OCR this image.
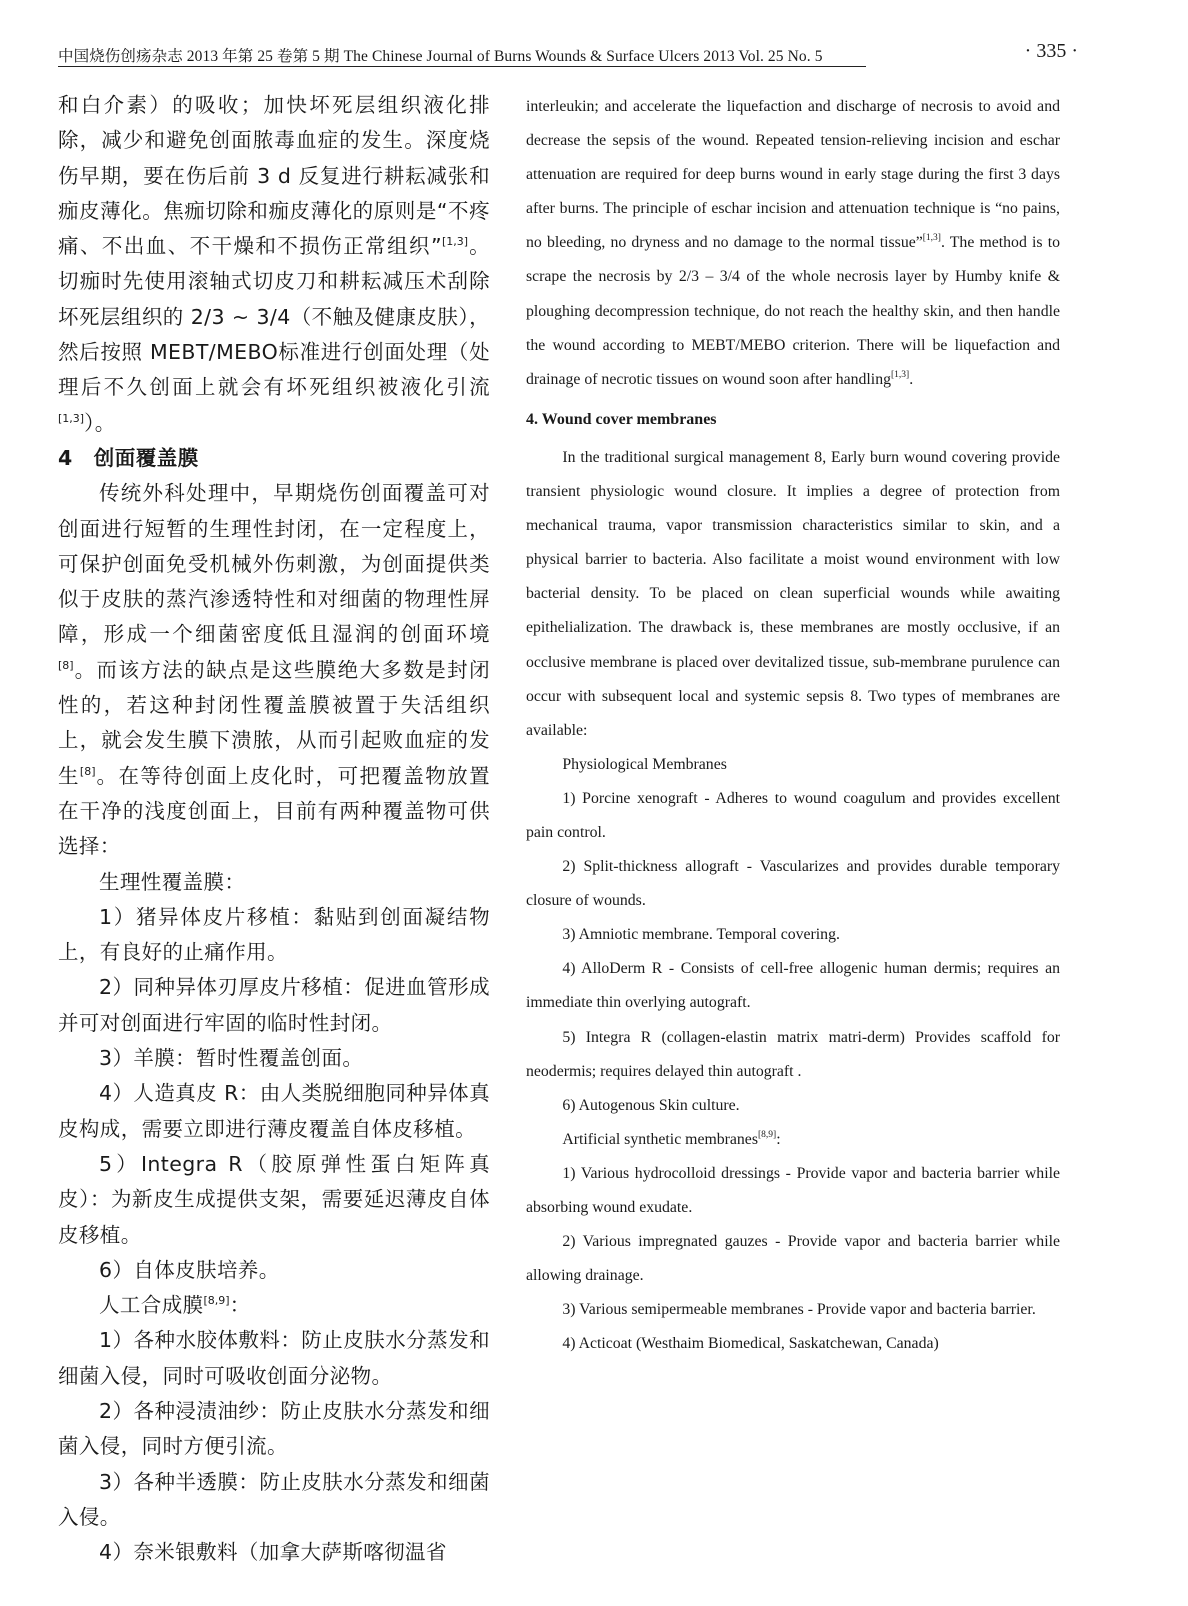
中国烧伤创疡杂志 2013 年第 25 卷第 5 期 The Chinese Journal of Burns Wounds & Surface Ulcers 2013 Vol. 25 No. 5	· 335 ·

和白介素）的吸收；加快坏死层组织液化排除，减少和避免创面脓毒血症的发生。深度烧伤早期，要在伤后前 3 d 反复进行耕耘减张和痂皮薄化。焦痂切除和痂皮薄化的原则是“不疼痛、不出血、不干燥和不损伤正常组织”[1,3]。切痂时先使用滚轴式切皮刀和耕耘减压术刮除坏死层组织的 2/3 ~ 3/4（不触及健康皮肤），然后按照 MEBT/MEBO标准进行创面处理（处理后不久创面上就会有坏死组织被液化引流[1,3]）。

4　创面覆盖膜

传统外科处理中，早期烧伤创面覆盖可对创面进行短暂的生理性封闭，在一定程度上，可保护创面免受机械外伤刺激，为创面提供类似于皮肤的蒸汽渗透特性和对细菌的物理性屏障，形成一个细菌密度低且湿润的创面环境[8]。而该方法的缺点是这些膜绝大多数是封闭性的，若这种封闭性覆盖膜被置于失活组织上，就会发生膜下溃脓，从而引起败血症的发生[8]。在等待创面上皮化时，可把覆盖物放置在干净的浅度创面上，目前有两种覆盖物可供选择：

生理性覆盖膜：

1）猪异体皮片移植：黏贴到创面凝结物上，有良好的止痛作用。

2）同种异体刃厚皮片移植：促进血管形成并可对创面进行牢固的临时性封闭。

3）羊膜：暂时性覆盖创面。

4）人造真皮 R：由人类脱细胞同种异体真皮构成，需要立即进行薄皮覆盖自体皮移植。

5）Integra R（胶原弹性蛋白矩阵真皮）：为新皮生成提供支架，需要延迟薄皮自体皮移植。

6）自体皮肤培养。

人工合成膜[8,9]：

1）各种水胶体敷料：防止皮肤水分蒸发和细菌入侵，同时可吸收创面分泌物。

2）各种浸渍油纱：防止皮肤水分蒸发和细菌入侵，同时方便引流。

3）各种半透膜：防止皮肤水分蒸发和细菌入侵。

4）奈米银敷料（加拿大萨斯喀彻温省

interleukin; and accelerate the liquefaction and discharge of necrosis to avoid and decrease the sepsis of the wound. Repeated tension-relieving incision and eschar attenuation are required for deep burns wound in early stage during the first 3 days after burns. The principle of eschar incision and attenuation technique is “no pains, no bleeding, no dryness and no damage to the normal tissue”[1,3]. The method is to scrape the necrosis by 2/3 – 3/4 of the whole necrosis layer by Humby knife & ploughing decompression technique, do not reach the healthy skin, and then handle the wound according to MEBT/MEBO criterion. There will be liquefaction and drainage of necrotic tissues on wound soon after handling[1,3].

4. Wound cover membranes

In the traditional surgical management 8, Early burn wound covering provide transient physiologic wound closure. It implies a degree of protection from mechanical trauma, vapor transmission characteristics similar to skin, and a physical barrier to bacteria. Also facilitate a moist wound environment with low bacterial density. To be placed on clean superficial wounds while awaiting epithelialization. The drawback is, these membranes are mostly occlusive, if an occlusive membrane is placed over devitalized tissue, sub-membrane purulence can occur with subsequent local and systemic sepsis 8. Two types of membranes are available:

Physiological Membranes

1) Porcine xenograft - Adheres to wound coagulum and provides excellent pain control.

2) Split-thickness allograft - Vascularizes and provides durable temporary closure of wounds.

3) Amniotic membrane. Temporal covering.

4) AlloDerm R - Consists of cell-free allogenic human dermis; requires an immediate thin overlying autograft.

5) Integra R (collagen-elastin matrix matri-derm) Provides scaffold for neodermis; requires delayed thin autograft .

6) Autogenous Skin culture.

Artificial synthetic membranes[8,9]:

1) Various hydrocolloid dressings - Provide vapor and bacteria barrier while absorbing wound exudate.

2) Various impregnated gauzes - Provide vapor and bacteria barrier while allowing drainage.

3) Various semipermeable membranes - Provide vapor and bacteria barrier.

4) Acticoat (Westhaim Biomedical, Saskatchewan, Canada)
